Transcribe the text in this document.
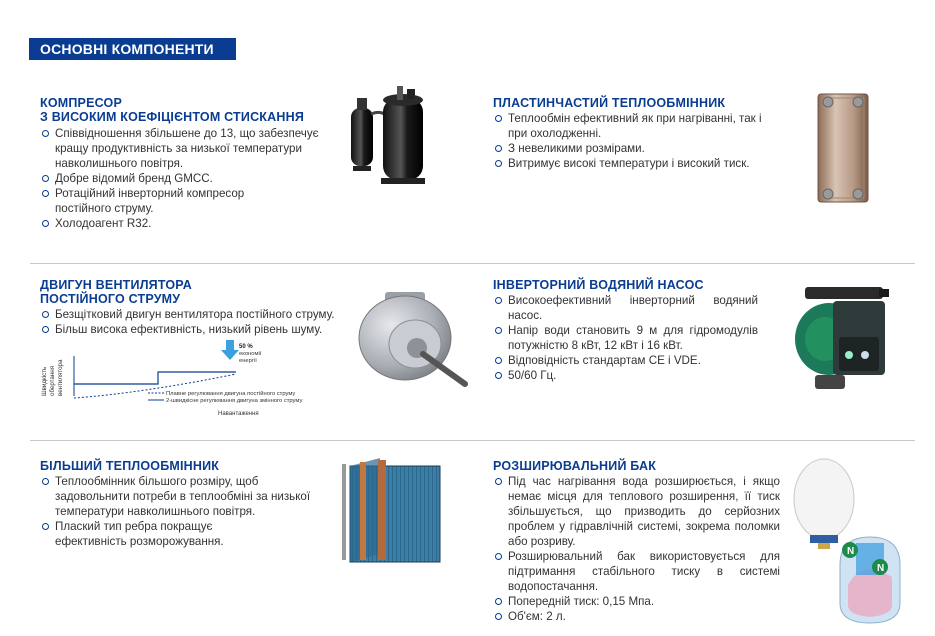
ОСНОВНІ КОМПОНЕНТИ
КОМПРЕСОР
З ВИСОКИМ КОЕФІЦІЄНТОМ СТИСКАННЯ
Співвідношення збільшене до 13, що забезпечує кращу продуктивність за низької температури навколишнього повітря.
Добре відомий бренд GMCC.
Ротаційний інверторний компресор постійного струму.
Холодоагент R32.
ПЛАСТИНЧАСТИЙ ТЕПЛООБМІННИК
Теплообмін ефективний як при нагріванні, так і при охолодженні.
З невеликими розмірами.
Витримує високі температури і високий тиск.
ДВИГУН ВЕНТИЛЯТОРА
ПОСТІЙНОГО СТРУМУ
Безщітковий двигун вентилятора постійного струму.
Більш висока ефективність, низький рівень шуму.
Швидкість обертання вентилятора
50 %
економії
енергії
Плавне регулювання двигуна постійного струму
2-швидкісне регулювання двигуна змінного струму
Навантаження
ІНВЕРТОРНИЙ ВОДЯНИЙ НАСОС
Високоефективний інверторний водяний насос.
Напір води становить 9 м для гідромодулів потужністю 8 кВт, 12 кВт і 16 кВт.
Відповідність стандартам CE і VDE.
50/60 Гц.
БІЛЬШИЙ ТЕПЛООБМІННИК
Теплообмінник більшого розміру, щоб задовольнити потреби в теплообміні за низької температури навколишнього повітря.
Плаский тип ребра покращує ефективність розморожування.
РОЗШИРЮВАЛЬНИЙ БАК
Під час нагрівання вода розширюється, і якщо немає місця для теплового розширення, її тиск збільшується, що призводить до серйозних проблем у гідравлічній системі, зокрема поломки або розриву.
Розширювальний бак використовується для підтримання стабільного тиску в системі водопостачання.
Попередній тиск: 0,15 Мпа.
Об'єм: 2 л.
N
N
